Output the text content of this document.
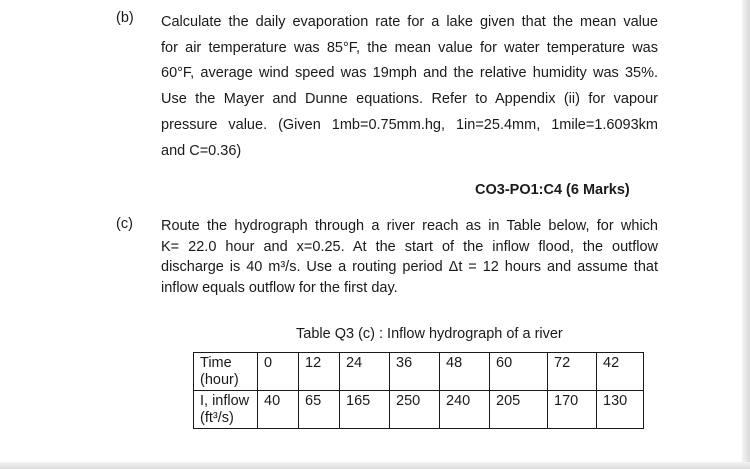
(b) Calculate the daily evaporation rate for a lake given that the mean value
for air temperature was 85°F, the mean value for water temperature was
60°F, average wind speed was 19mph and the relative humidity was 35%.
Use the Mayer and Dunne equations. Refer to Appendix (ii) for vapour
pressure value. (Given 1mb=0.75mm.hg, 1in=25.4mm, 1mile=1.6093km
and C=0.36)
CO3-PO1:C4 (6 Marks)
(c) Route the hydrograph through a river reach as in Table below, for which
K= 22.0 hour and x=0.25. At the start of the inflow flood, the outflow
discharge is 40 m³/s. Use a routing period Δt = 12 hours and assume that
inflow equals outflow for the first day.
Table Q3 (c) : Inflow hydrograph of a river
Time
(hour)	0	12	24	36	48	60	72	42

I, inflow
(ft³/s)	40	65	165	250	240	205	170	130
